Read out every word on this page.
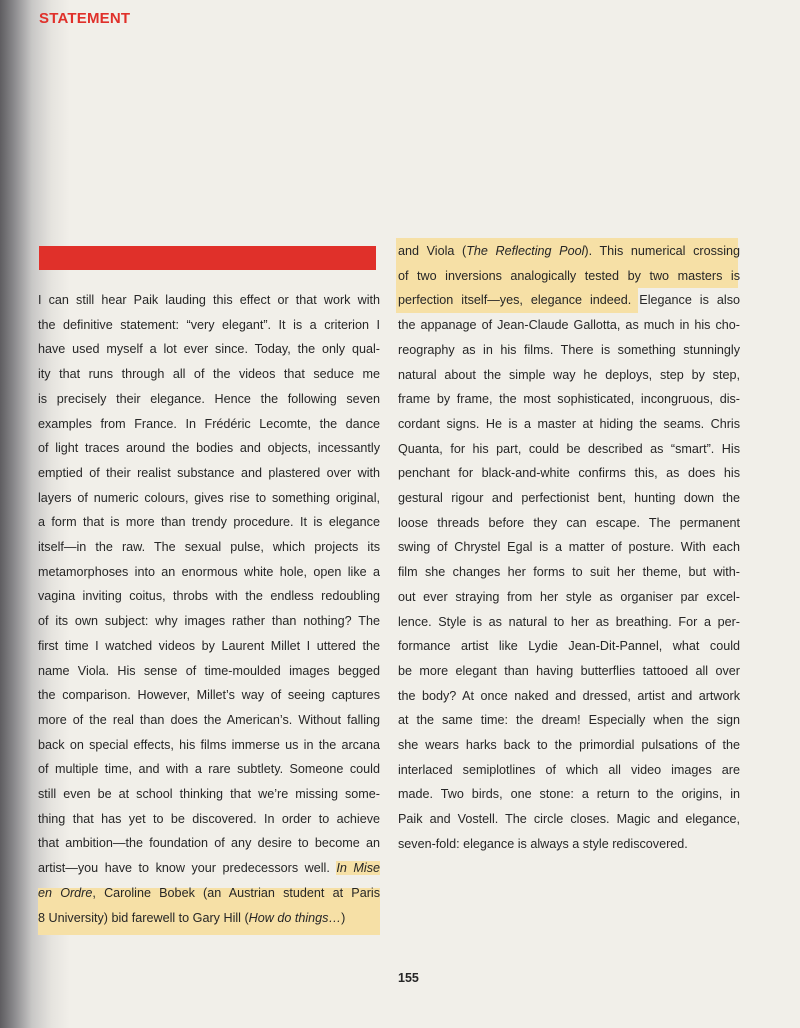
STATEMENT
I can still hear Paik lauding this effect or that work with
the definitive statement: “very elegant”. It is a criterion I
have used myself a lot ever since. Today, the only qual-
ity that runs through all of the videos that seduce me
is precisely their elegance. Hence the following seven
examples from France. In Frédéric Lecomte, the dance
of light traces around the bodies and objects, incessantly
emptied of their realist substance and plastered over with
layers of numeric colours, gives rise to something original,
a form that is more than trendy procedure. It is elegance
itself—in the raw. The sexual pulse, which projects its
metamorphoses into an enormous white hole, open like a
vagina inviting coitus, throbs with the endless redoubling
of its own subject: why images rather than nothing? The
first time I watched videos by Laurent Millet I uttered the
name Viola. His sense of time-moulded images begged
the comparison. However, Millet’s way of seeing captures
more of the real than does the American’s. Without falling
back on special effects, his films immerse us in the arcana
of multiple time, and with a rare subtlety. Someone could
still even be at school thinking that we’re missing some-
thing that has yet to be discovered. In order to achieve
that ambition—the foundation of any desire to become an
artist—you have to know your predecessors well. In Mise
en Ordre, Caroline Bobek (an Austrian student at Paris
8 University) bid farewell to Gary Hill (How do things…)
and Viola (The Reflecting Pool). This numerical crossing
of two inversions analogically tested by two masters is
perfection itself—yes, elegance indeed. Elegance is also
the appanage of Jean-Claude Gallotta, as much in his cho-
reography as in his films. There is something stunningly
natural about the simple way he deploys, step by step,
frame by frame, the most sophisticated, incongruous, dis-
cordant signs. He is a master at hiding the seams. Chris
Quanta, for his part, could be described as “smart”. His
penchant for black-and-white confirms this, as does his
gestural rigour and perfectionist bent, hunting down the
loose threads before they can escape. The permanent
swing of Chrystel Egal is a matter of posture. With each
film she changes her forms to suit her theme, but with-
out ever straying from her style as organiser par excel-
lence. Style is as natural to her as breathing. For a per-
formance artist like Lydie Jean-Dit-Pannel, what could
be more elegant than having butterflies tattooed all over
the body? At once naked and dressed, artist and artwork
at the same time: the dream! Especially when the sign
she wears harks back to the primordial pulsations of the
interlaced semiplotlines of which all video images are
made. Two birds, one stone: a return to the origins, in
Paik and Vostell. The circle closes. Magic and elegance,
seven-fold: elegance is always a style rediscovered.
155
